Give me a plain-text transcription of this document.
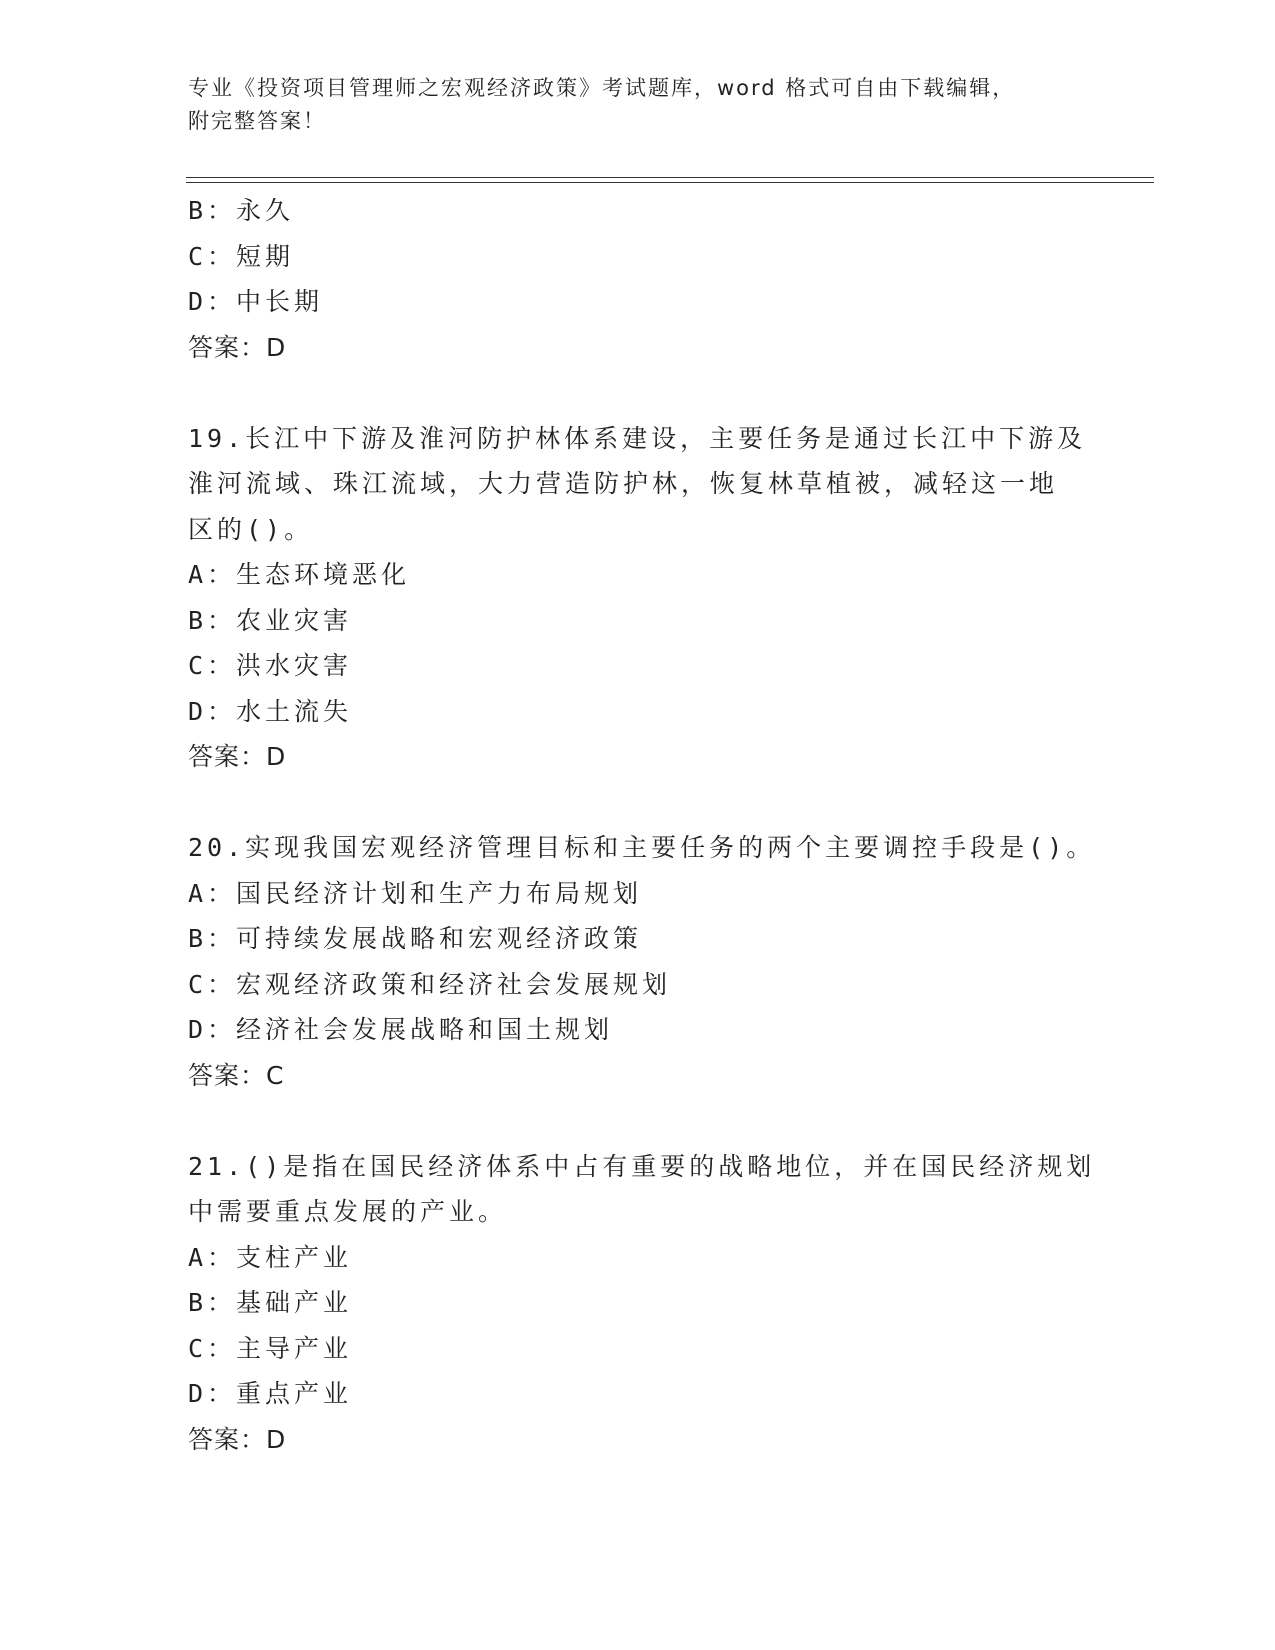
专业《投资项目管理师之宏观经济政策》考试题库，word 格式可自由下载编辑，
附完整答案！
B：永久
C：短期
D：中长期
答案：D
19.长江中下游及淮河防护林体系建设，主要任务是通过长江中下游及
淮河流域、珠江流域，大力营造防护林，恢复林草植被，减轻这一地
区的()。
A：生态环境恶化
B：农业灾害
C：洪水灾害
D：水土流失
答案：D
20.实现我国宏观经济管理目标和主要任务的两个主要调控手段是()。
A：国民经济计划和生产力布局规划
B：可持续发展战略和宏观经济政策
C：宏观经济政策和经济社会发展规划
D：经济社会发展战略和国土规划
答案：C
21.()是指在国民经济体系中占有重要的战略地位，并在国民经济规划
中需要重点发展的产业。
A：支柱产业
B：基础产业
C：主导产业
D：重点产业
答案：D
